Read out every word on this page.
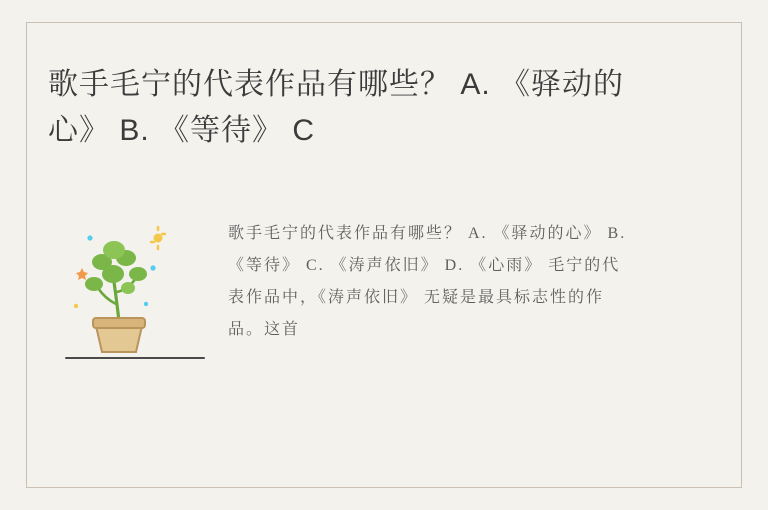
歌手毛宁的代表作品有哪些？ A. 《驿动的心》 B. 《等待》 C
歌手毛宁的代表作品有哪些？ A. 《驿动的心》 B. 《等待》 C. 《涛声依旧》 D. 《心雨》 毛宁的代表作品中，《涛声依旧》 无疑是最具标志性的作品。这首
